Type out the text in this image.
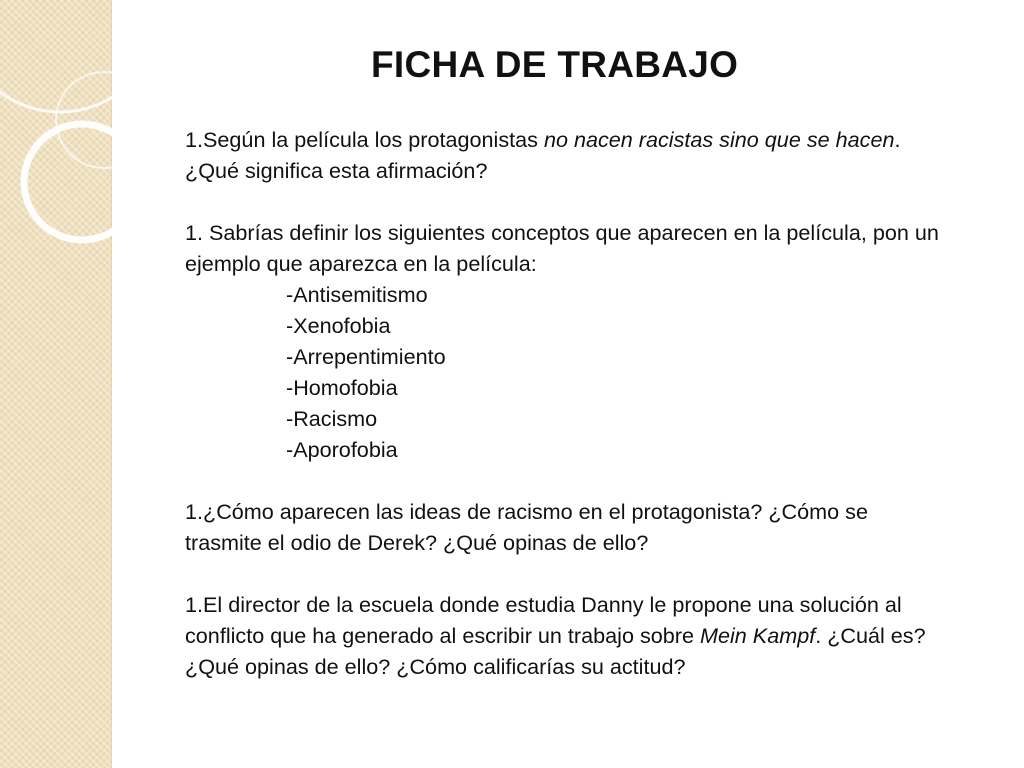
FICHA DE TRABAJO

1.Según la película los protagonistas no nacen racistas sino que se hacen. ¿Qué significa esta afirmación?

1. Sabrías definir los siguientes conceptos que aparecen en la película, pon un ejemplo que aparezca en la película:

-Antisemitismo
-Xenofobia
-Arrepentimiento
-Homofobia
-Racismo
-Aporofobia

1.¿Cómo aparecen las ideas de racismo en el protagonista? ¿Cómo se trasmite el odio de Derek? ¿Qué opinas de ello?

1.El director de la escuela donde estudia Danny le propone una solución al conflicto que ha generado al escribir un trabajo sobre Mein Kampf. ¿Cuál es? ¿Qué opinas de ello? ¿Cómo calificarías su actitud?
